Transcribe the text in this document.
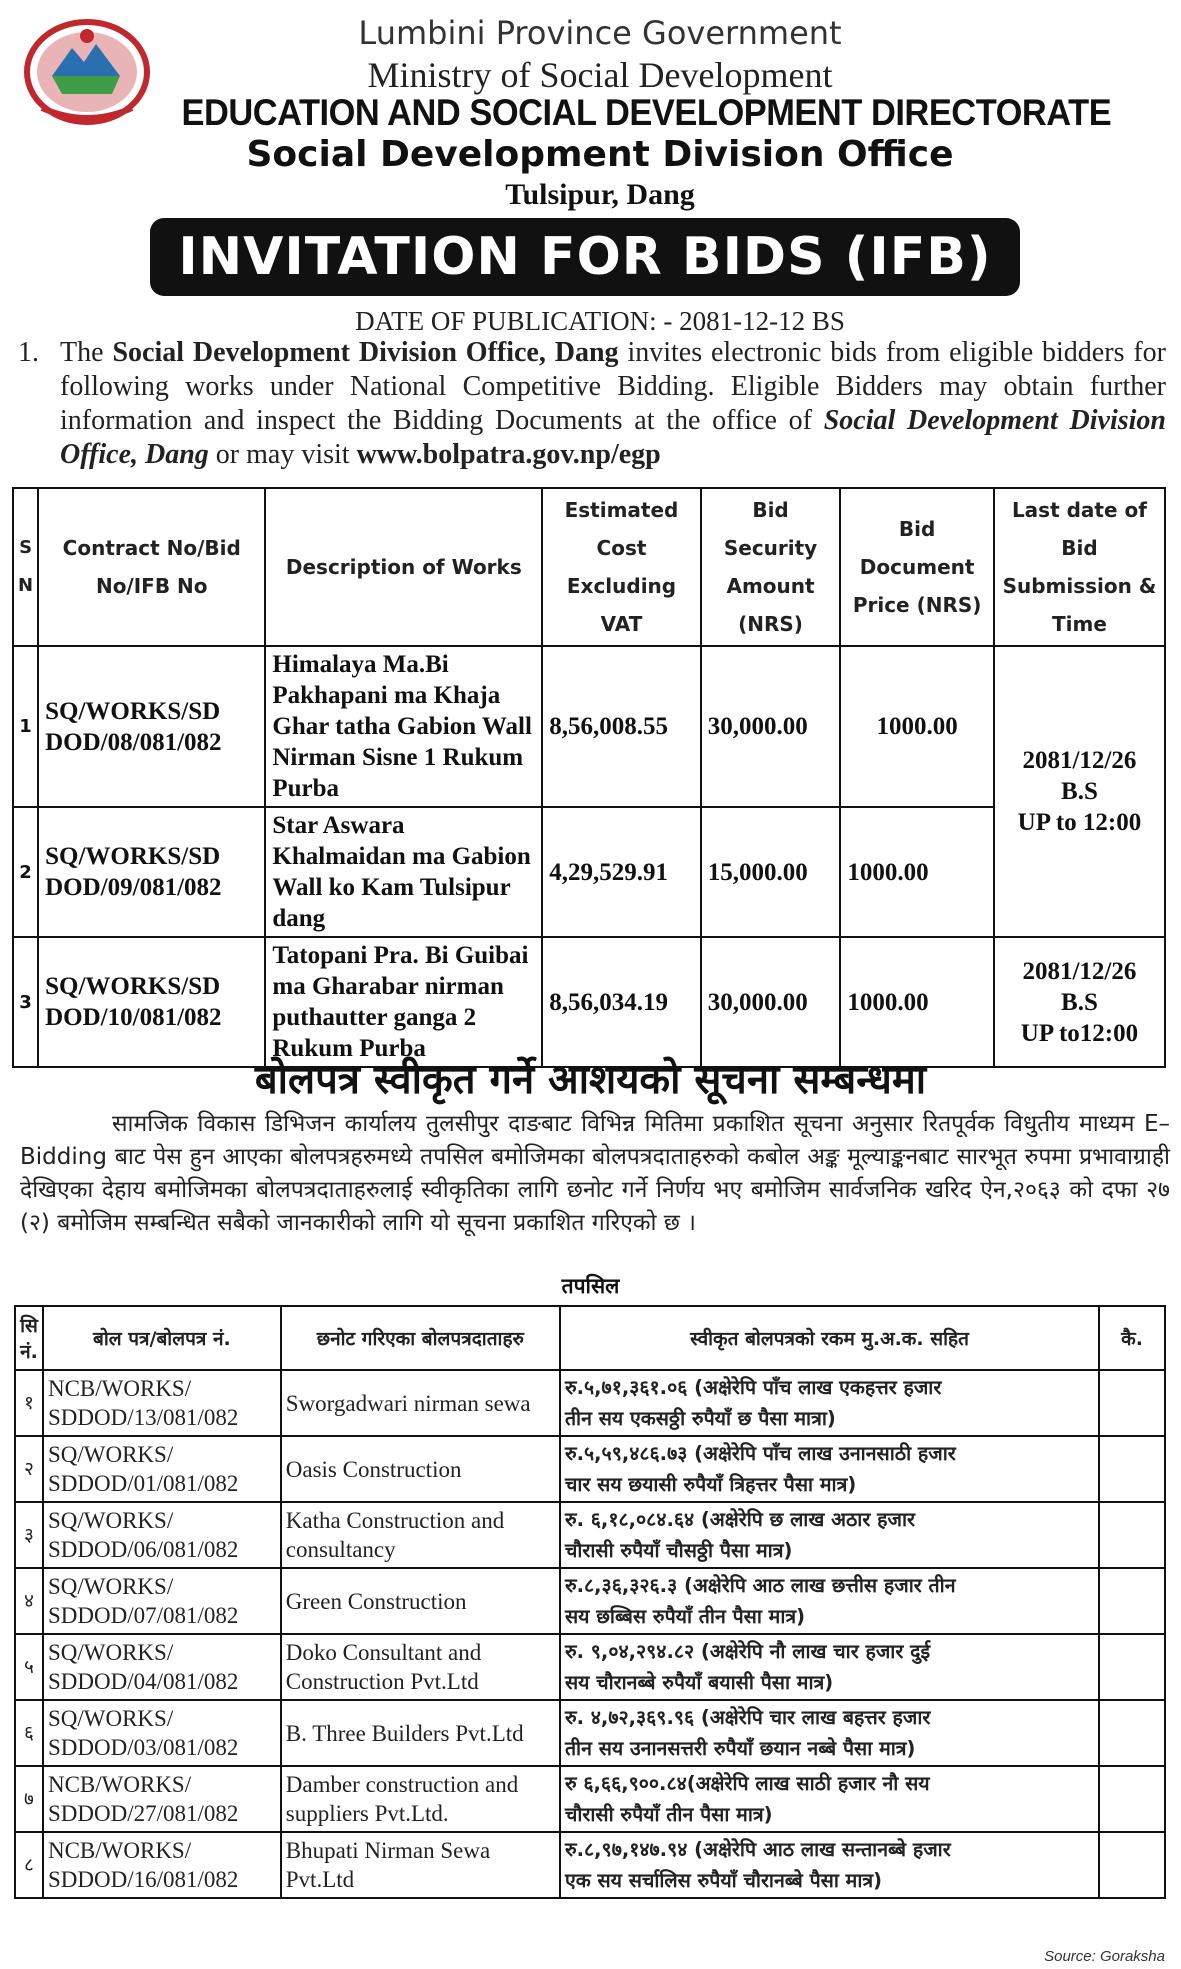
Lumbini Province Government
Ministry of Social Development
EDUCATION AND SOCIAL DEVELOPMENT DIRECTORATE
Social Development Division Office
Tulsipur, Dang
INVITATION FOR BIDS (IFB)
DATE OF PUBLICATION: - 2081-12-12 BS
1. The Social Development Division Office, Dang invites electronic bids from eligible bidders for following works under National Competitive Bidding. Eligible Bidders may obtain further information and inspect the Bidding Documents at the office of Social Development Division Office, Dang or may visit www.bolpatra.gov.np/egp
S N	Contract No/Bid No/IFB No	Description of Works	Estimated Cost Excluding VAT	Bid Security Amount (NRS)	Bid Document Price (NRS)	Last date of Bid Submission & Time
1	SQ/WORKS/SD DOD/08/081/082	Himalaya Ma.Bi Pakhapani ma Khaja Ghar tatha Gabion Wall Nirman Sisne 1 Rukum Purba	8,56,008.55	30,000.00	1000.00	2081/12/26
B.S
UP to 12:00

2	SQ/WORKS/SD DOD/09/081/082	Star Aswara Khalmaidan ma Gabion Wall ko Kam Tulsipur dang	4,29,529.91	15,000.00	1000.00	
3	SQ/WORKS/SD DOD/10/081/082	Tatopani Pra. Bi Guibai ma Gharabar nirman puthautter ganga 2 Rukum Purba	8,56,034.19	30,000.00	1000.00	2081/12/26
B.S
UP to12:00
बोलपत्र स्वीकृत गर्ने आशयको सूचना सम्बन्धमा
सामजिक विकास डिभिजन कार्यालय तुलसीपुर दाङबाट विभिन्न मितिमा प्रकाशित सूचना अनुसार रितपूर्वक विधुतीय माध्यम E–Bidding बाट पेस हुन आएका बोलपत्रहरुमध्ये तपसिल बमोजिमका बोलपत्रदाताहरुको कबोल अङ्क मूल्याङ्कनबाट सारभूत रुपमा प्रभावाग्राही देखिएका देहाय बमोजिमका बोलपत्रदाताहरुलाई स्वीकृतिका लागि छनोट गर्ने निर्णय भए बमोजिम सार्वजनिक खरिद ऐन,२०६३ को दफा २७ (२) बमोजिम सम्बन्धित सबैको जानकारीको लागि यो सूचना प्रकाशित गरिएको छ ।
तपसिल
सि नं.	बोल पत्र/बोलपत्र नं.	छनोट गरिएका बोलपत्रदाताहरु	स्वीकृत बोलपत्रको रकम मु.अ.क. सहित	कै.
१	NCB/WORKS/ SDDOD/13/081/082	Sworgadwari nirman sewa	रु.५,७१,३६१.०६ (अक्षेरेपि पाँच लाख एकहत्तर हजार
तीन सय एकसठ्ठी रुपैयाँ छ पैसा मात्रा)	

२	SQ/WORKS/ SDDOD/01/081/082	Oasis Construction	रु.५,५९,४८६.७३ (अक्षेरेपि पाँच लाख उनानसाठी हजार
चार सय छयासी रुपैयाँ त्रिहत्तर पैसा मात्र)	

३	SQ/WORKS/ SDDOD/06/081/082	Katha Construction and consultancy	रु. ६,१८,०८४.६४ (अक्षेरेपि छ लाख अठार हजार
चौरासी रुपैयाँ चौसठ्ठी पैसा मात्र)	

४	SQ/WORKS/ SDDOD/07/081/082	Green Construction	रु.८,३६,३२६.३ (अक्षेरेपि आठ लाख छत्तीस हजार तीन
सय छब्बिस रुपैयाँ तीन पैसा मात्र)	

५	SQ/WORKS/ SDDOD/04/081/082	Doko Consultant and Construction Pvt.Ltd	रु. ९,०४,२९४.८२ (अक्षेरेपि नौ लाख चार हजार दुई
सय चौरानब्बे रुपैयाँ बयासी पैसा मात्र)	

६	SQ/WORKS/ SDDOD/03/081/082	B. Three Builders Pvt.Ltd	रु. ४,७२,३६९.९६ (अक्षेरेपि चार लाख बहत्तर हजार
तीन सय उनानसत्तरी रुपैयाँ छयान नब्बे पैसा मात्र)	

७	NCB/WORKS/ SDDOD/27/081/082	Damber construction and suppliers Pvt.Ltd.	रु ६,६६,९००.८४(अक्षेरेपि लाख साठी हजार नौ सय
चौरासी रुपैयाँ तीन पैसा मात्र)	

८	NCB/WORKS/ SDDOD/16/081/082	Bhupati Nirman Sewa Pvt.Ltd	रु.८,९७,१४७.९४ (अक्षेरेपि आठ लाख सन्तानब्बे हजार
एक सय सर्चालिस रुपैयाँ चौरानब्बे पैसा मात्र)	

Source: Goraksha
